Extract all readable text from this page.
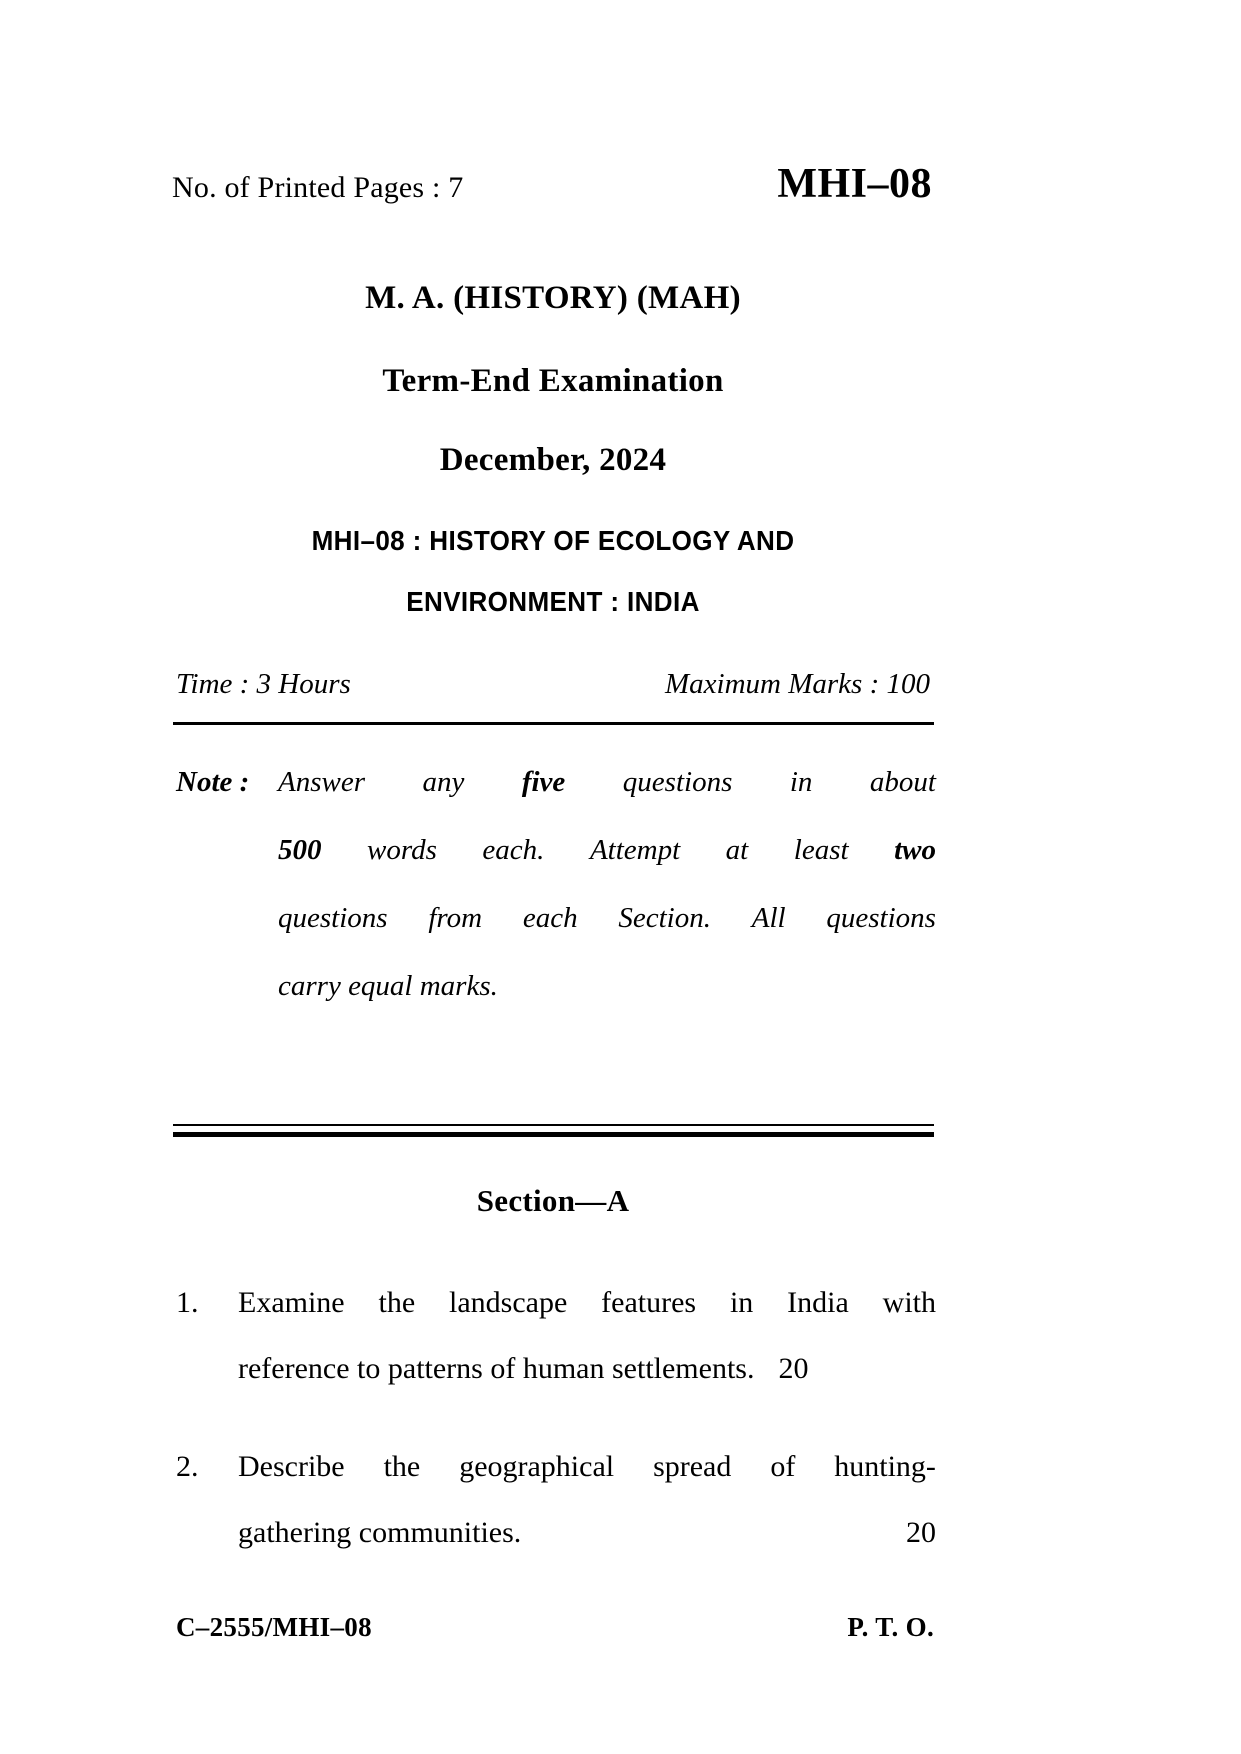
No. of Printed Pages : 7	MHI–08
M. A. (HISTORY) (MAH)
Term-End Examination
December, 2024
MHI–08 : HISTORY OF ECOLOGY AND
ENVIRONMENT : INDIA
Time : 3 Hours	Maximum Marks : 100
Note : Answer any five questions in about
500 words each. Attempt at least two
questions from each Section. All questions
carry equal marks.
Section—A
1.	Examine the landscape features in India with
reference to patterns of human settlements. 20
2.	Describe the geographical spread of hunting-
gathering communities.	20
C–2555/MHI–08	P. T. O.
